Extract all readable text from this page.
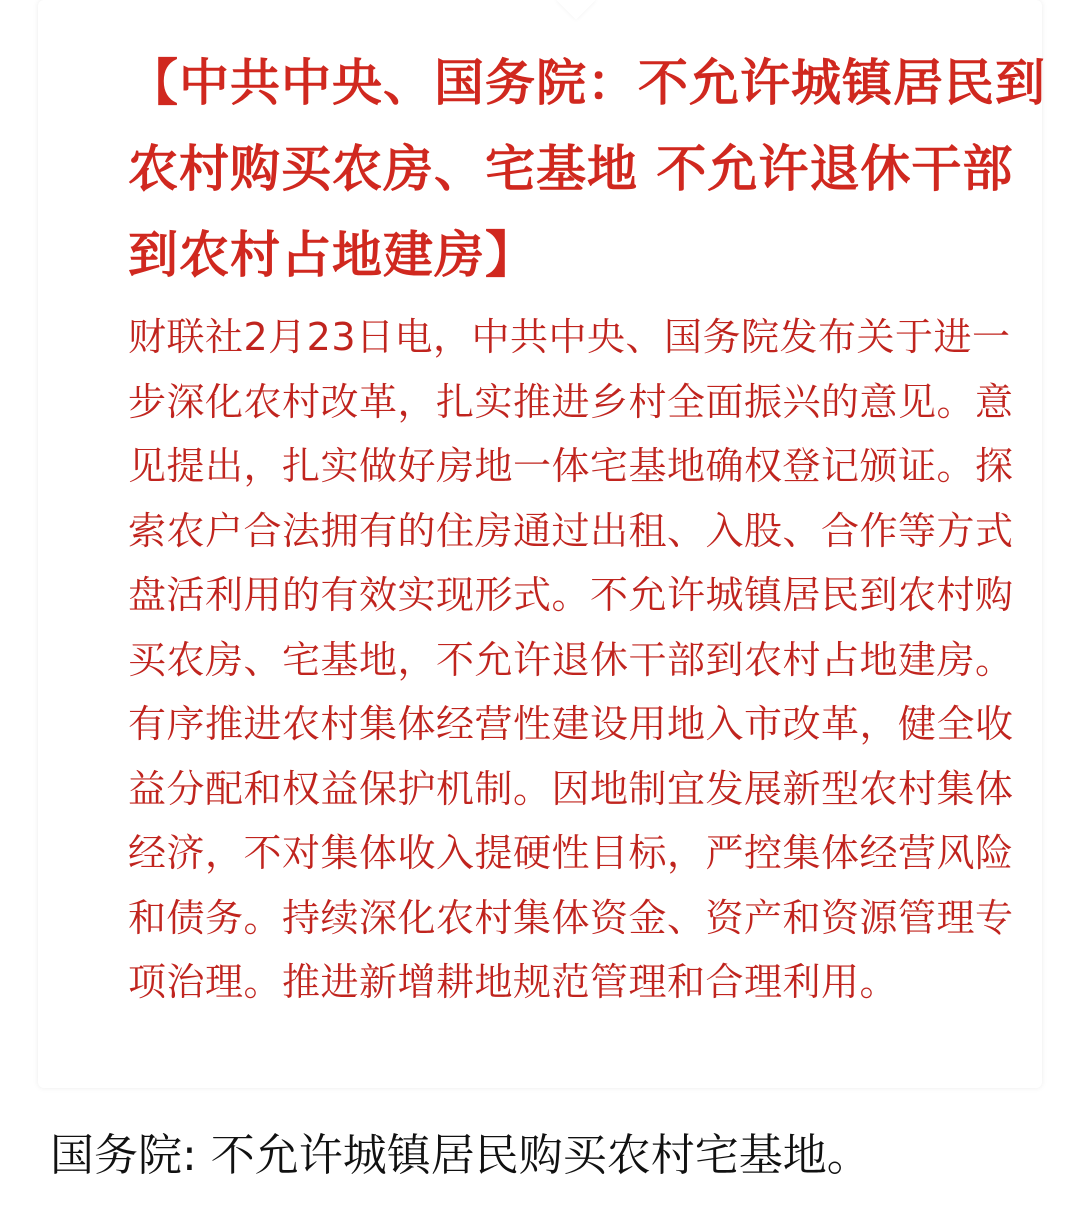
【中共中央、国务院：不允许城镇居民到农村购买农房、宅基地 不允许退休干部到农村占地建房】

财联社2月23日电，中共中央、国务院发布关于进一步深化农村改革，扎实推进乡村全面振兴的意见。意见提出，扎实做好房地一体宅基地确权登记颁证。探索农户合法拥有的住房通过出租、入股、合作等方式盘活利用的有效实现形式。不允许城镇居民到农村购买农房、宅基地，不允许退休干部到农村占地建房。有序推进农村集体经营性建设用地入市改革，健全收益分配和权益保护机制。因地制宜发展新型农村集体经济，不对集体收入提硬性目标，严控集体经营风险和债务。持续深化农村集体资金、资产和资源管理专项治理。推进新增耕地规范管理和合理利用。

国务院: 不允许城镇居民购买农村宅基地。
